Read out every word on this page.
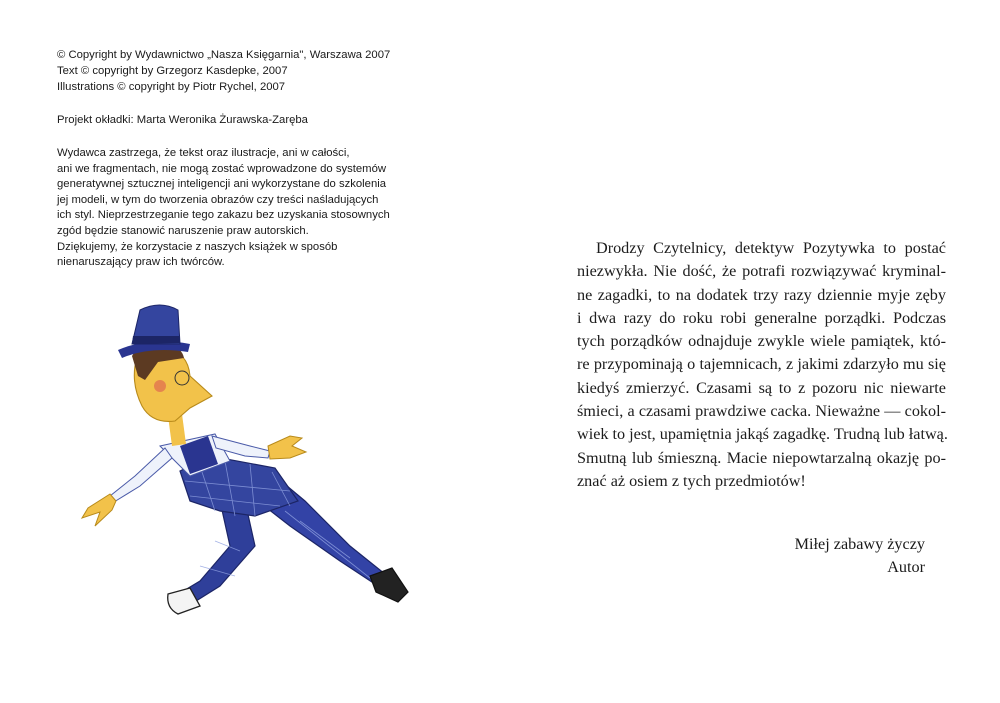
© Copyright by Wydawnictwo „Nasza Księgarnia", Warszawa 2007

Text © copyright by Grzegorz Kasdepke, 2007

Illustrations © copyright by Piotr Rychel, 2007

Projekt okładki: Marta Weronika Żurawska-Zaręba
Wydawca zastrzega, że tekst oraz ilustracje, ani w całości,
ani we fragmentach, nie mogą zostać wprowadzone do systemów
generatywnej sztucznej inteligencji ani wykorzystane do szkolenia
jej modeli, w tym do tworzenia obrazów czy treści naśladujących
ich styl. Nieprzestrzeganie tego zakazu bez uzyskania stosownych
zgód będzie stanowić naruszenie praw autorskich.
Dziękujemy, że korzystacie z naszych książek w sposób
nienaruszający praw ich twórców.
Drodzy Czytelnicy, detektyw Pozytywka to postać
niezwykła. Nie dość, że potrafi rozwiązywać kryminal-
ne zagadki, to na dodatek trzy razy dziennie myje zęby
i dwa razy do roku robi generalne porządki. Podczas
tych porządków odnajduje zwykle wiele pamiątek, któ-
re przypominają o tajemnicach, z jakimi zdarzyło mu się
kiedyś zmierzyć. Czasami są to z pozoru nic niewarte
śmieci, a czasami prawdziwe cacka. Nieważne — cokol-
wiek to jest, upamiętnia jakąś zagadkę. Trudną lub łatwą.
Smutną lub śmieszną. Macie niepowtarzalną okazję po-
znać aż osiem z tych przedmiotów!
Miłej zabawy życzy
Autor
